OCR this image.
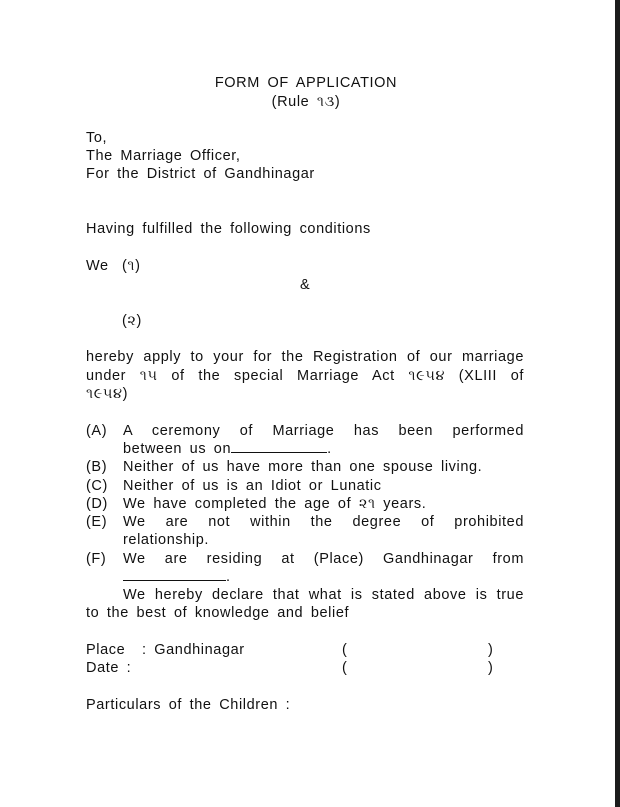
FORM OF APPLICATION
(Rule ૧૩)
To,
The Marriage Officer,
For the District of Gandhinagar
Having fulfilled the following conditions
We (૧)
&
(૨)
hereby apply to your for the Registration of our marriage
under ૧૫ of the special Marriage Act ૧૯૫૪ (XLIII of
૧૯૫૪)
(A) A ceremony of Marriage has been performed
between us on	.
(B) Neither of us have more than one spouse living.
(C) Neither of us is an Idiot or Lunatic
(D) We have completed the age of ૨૧ years.
(E) We are not within the degree of prohibited
relationship.
(F) We are residing at (Place) Gandhinagar from
.
We hereby declare that what is stated above is true
to the best of knowledge and belief
Place : Gandhinagar	(	)
Date :	(	)
Particulars of the Children :
